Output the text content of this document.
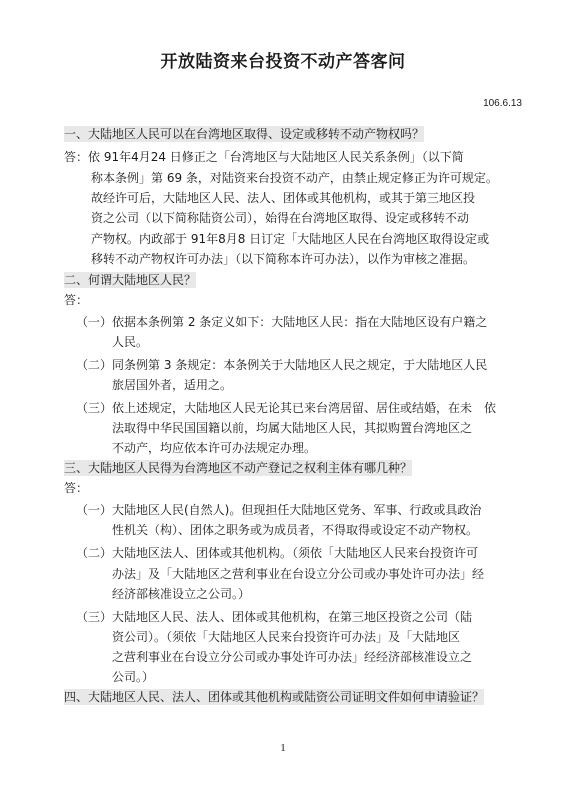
开放陆资来台投资不动产答客问
106.6.13
一、大陆地区人民可以在台湾地区取得、设定或移转不动产物权吗？
答：依 91年4月24 日修正之「台湾地区与大陆地区人民关系条例」（以下简
称本条例」第 69 条，对陆资来台投资不动产，由禁止规定修正为许可规定。
故经许可后，大陆地区人民、法人、团体或其他机构，或其于第三地区投
资之公司（以下简称陆资公司），始得在台湾地区取得、设定或移转不动
产物权。内政部于 91年8月8 日订定「大陆地区人民在台湾地区取得设定或
移转不动产物权许可办法」（以下简称本许可办法），以作为审核之准据。
二、何谓大陆地区人民？
答：
（一）依据本条例第 2 条定义如下：大陆地区人民：指在大陆地区设有户籍之
人民。
（二）同条例第 3 条规定：本条例关于大陆地区人民之规定，于大陆地区人民
旅居国外者，适用之。
（三）依上述规定，大陆地区人民无论其已来台湾居留、居住或结婚，在未　依
法取得中华民国国籍以前，均属大陆地区人民，其拟购置台湾地区之
不动产，均应依本许可办法规定办理。
三、大陆地区人民得为台湾地区不动产登记之权利主体有哪几种？
答：
（一）大陆地区人民(自然人)。但现担任大陆地区党务、军事、行政或具政治
性机关（构）、团体之职务或为成员者，不得取得或设定不动产物权。
（二）大陆地区法人、团体或其他机构。（须依「大陆地区人民来台投资许可
办法」及「大陆地区之营利事业在台设立分公司或办事处许可办法」经
经济部核准设立之公司。）
（三）大陆地区人民、法人、团体或其他机构，在第三地区投资之公司（陆
资公司）。（须依「大陆地区人民来台投资许可办法」及「大陆地区
之营利事业在台设立分公司或办事处许可办法」经经济部核准设立之
公司。）
四、大陆地区人民、法人、团体或其他机构或陆资公司证明文件如何申请验证？
1
